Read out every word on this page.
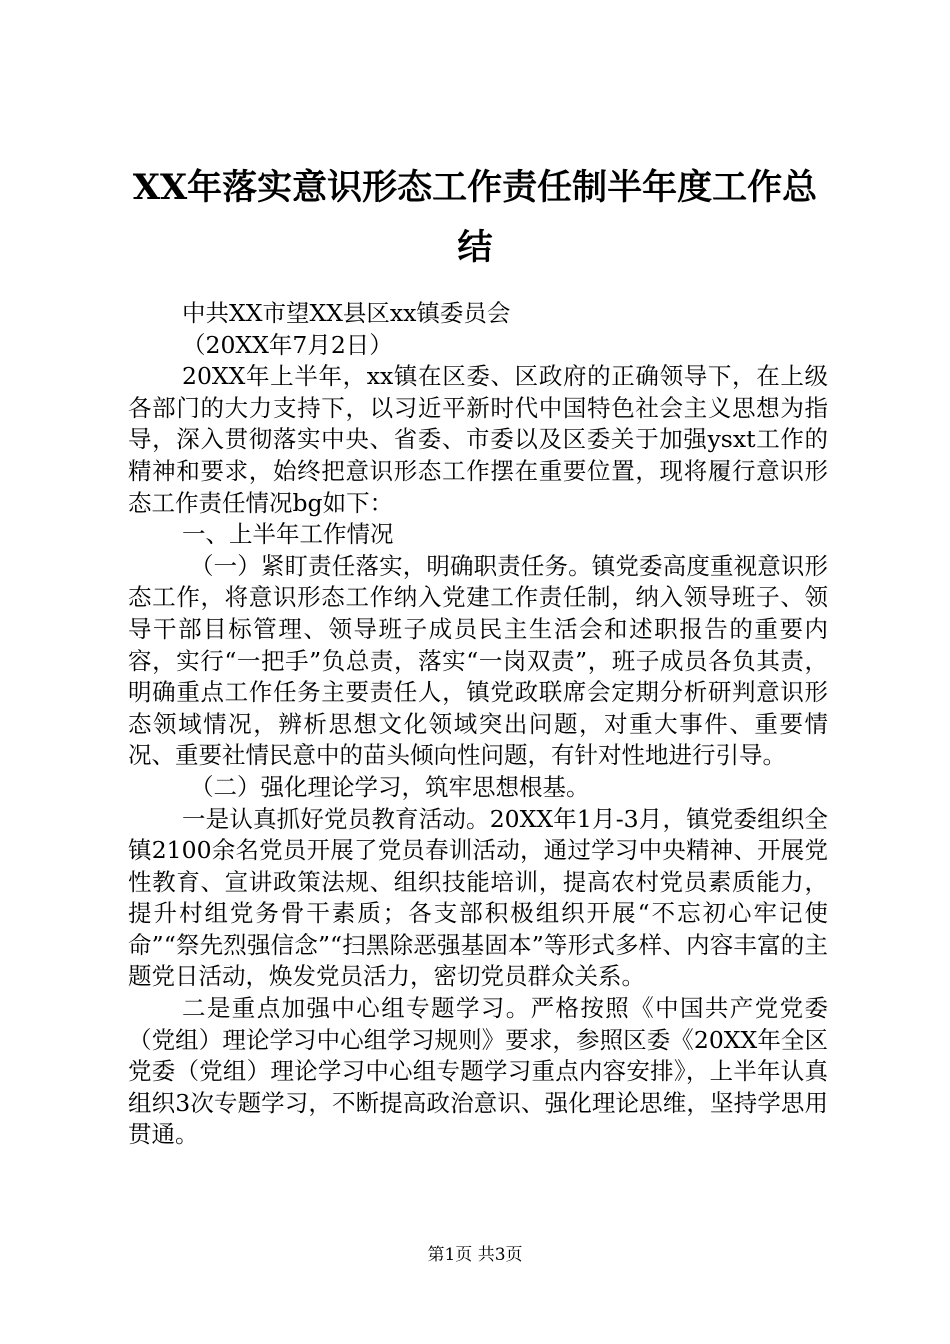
XX年落实意识形态工作责任制半年度工作总结

中共XX市望XX县区xx镇委员会

（20XX年7月2日）

20XX年上半年，xx镇在区委、区政府的正确领导下，在上级各部门的大力支持下，以习近平新时代中国特色社会主义思想为指导，深入贯彻落实中央、省委、市委以及区委关于加强ysxt工作的精神和要求，始终把意识形态工作摆在重要位置，现将履行意识形态工作责任情况bg如下：

一、上半年工作情况

（一）紧盯责任落实，明确职责任务。镇党委高度重视意识形态工作，将意识形态工作纳入党建工作责任制，纳入领导班子、领导干部目标管理、领导班子成员民主生活会和述职报告的重要内容，实行“一把手”负总责，落实“一岗双责”，班子成员各负其责，明确重点工作任务主要责任人，镇党政联席会定期分析研判意识形态领域情况，辨析思想文化领域突出问题，对重大事件、重要情况、重要社情民意中的苗头倾向性问题，有针对性地进行引导。

（二）强化理论学习，筑牢思想根基。

一是认真抓好党员教育活动。20XX年1月-3月，镇党委组织全镇2100余名党员开展了党员春训活动，通过学习中央精神、开展党性教育、宣讲政策法规、组织技能培训，提高农村党员素质能力，提升村组党务骨干素质；各支部积极组织开展“不忘初心牢记使命”“祭先烈强信念”“扫黑除恶强基固本”等形式多样、内容丰富的主题党日活动，焕发党员活力，密切党员群众关系。

二是重点加强中心组专题学习。严格按照《中国共产党党委（党组）理论学习中心组学习规则》要求，参照区委《20XX年全区党委（党组）理论学习中心组专题学习重点内容安排》，上半年认真组织3次专题学习，不断提高政治意识、强化理论思维，坚持学思用贯通。

第1页 共3页
